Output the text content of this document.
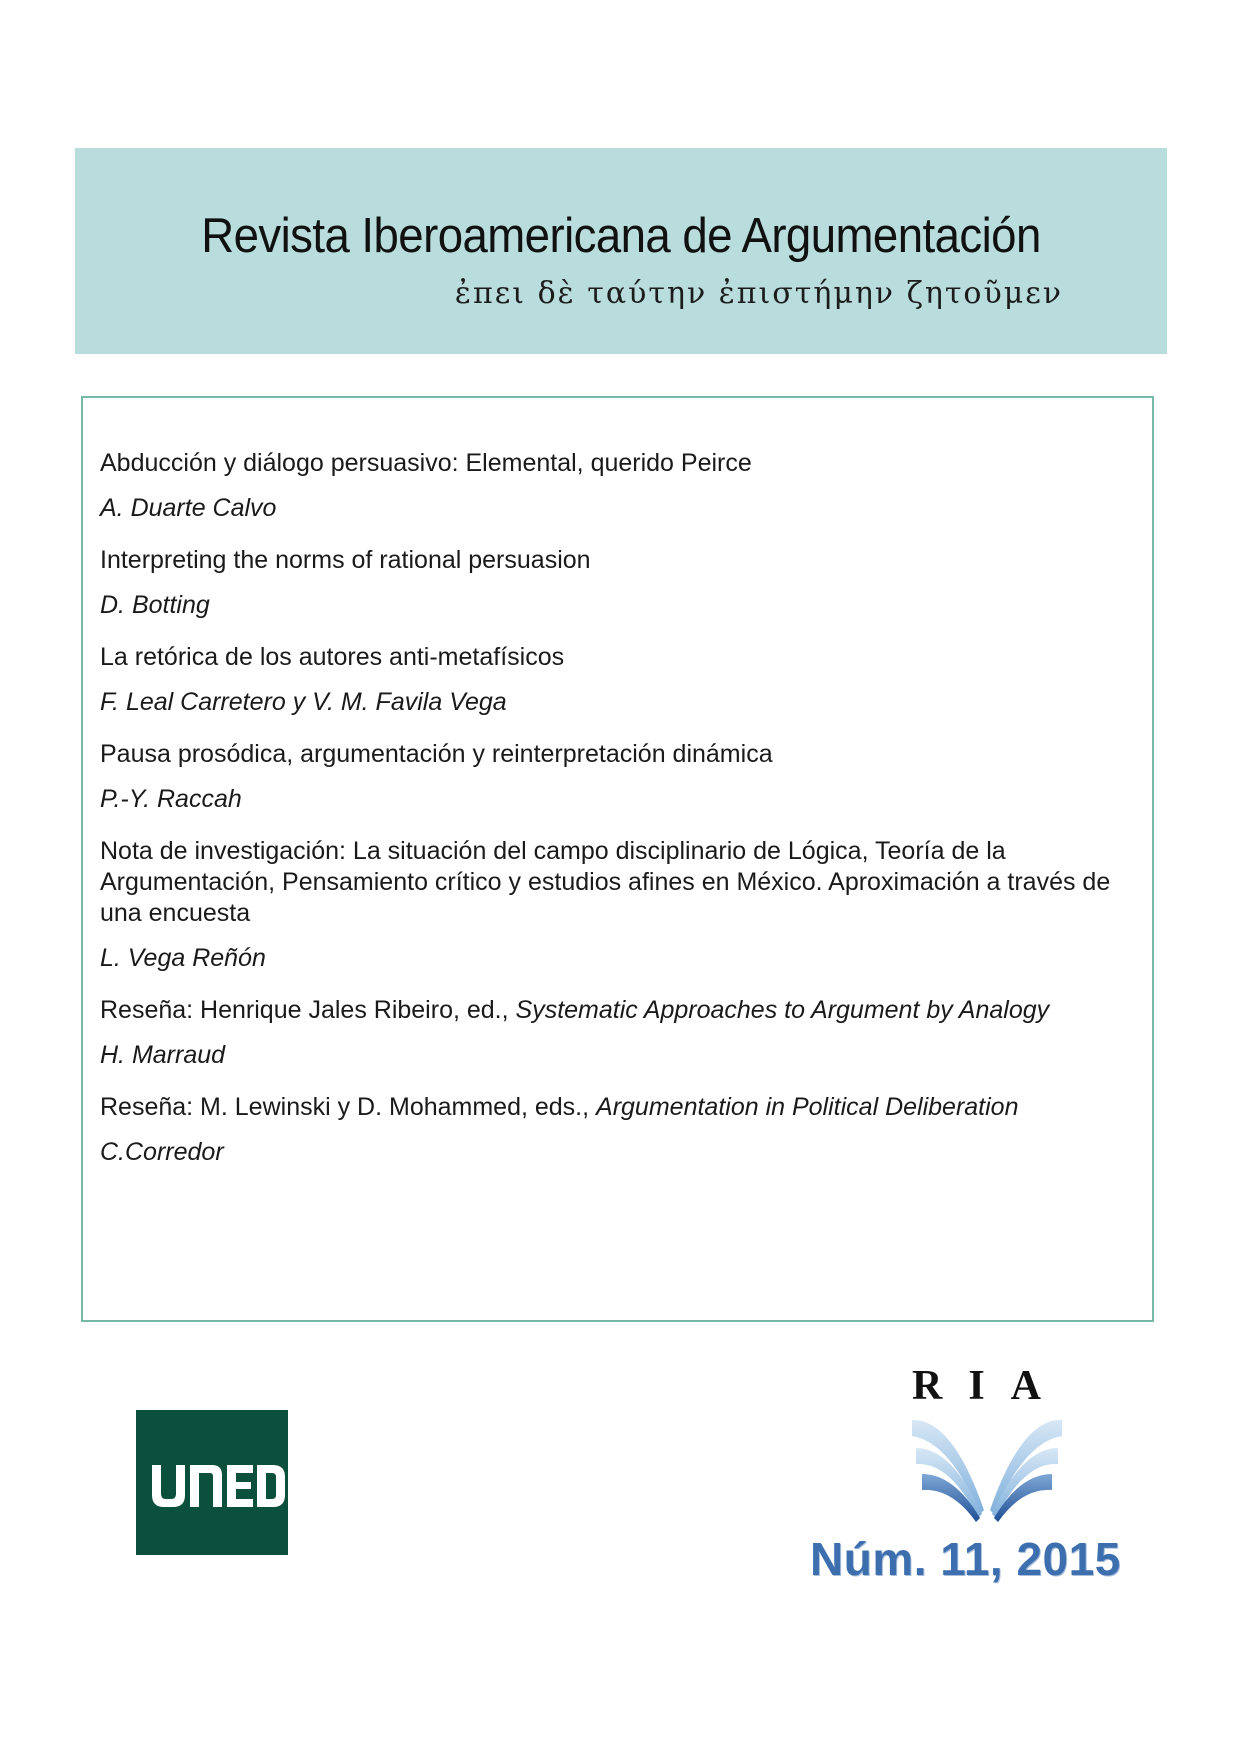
Revista Iberoamericana de Argumentación
ἐπει δὲ ταύτην ἐπιστήμην ζητοῦμεν
Abducción y diálogo persuasivo: Elemental, querido Peirce
A. Duarte Calvo
Interpreting the norms of rational persuasion
D. Botting
La retórica de los autores anti-metafísicos
F. Leal Carretero y V. M. Favila Vega
Pausa prosódica, argumentación y reinterpretación dinámica
P.-Y. Raccah
Nota de investigación: La situación del campo disciplinario de Lógica, Teoría de la Argumentación, Pensamiento crítico y estudios afines en México. Aproximación a través de una encuesta
L. Vega Reñón
Reseña: Henrique Jales Ribeiro, ed., Systematic Approaches to Argument by Analogy
H. Marraud
Reseña: M. Lewinski y D. Mohammed, eds., Argumentation in Political Deliberation
C.Corredor
RIA
Núm. 11, 2015
